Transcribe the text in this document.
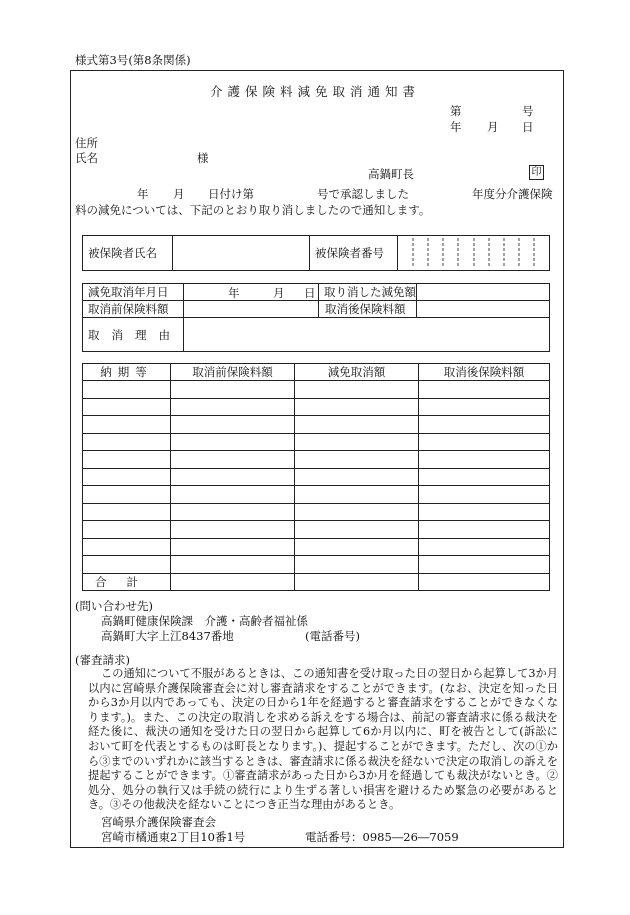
様式第3号(第8条関係)
介護保険料減免取消通知書
第	号
年 月 日
住所
氏名	様
高鍋町長	印
年 月 日付け第	号で承認しました	年度分介護保険
料の減免については、下記のとおり取り消しましたので通知します。
被保険者氏名		被保険者番号	
減免取消年月日	年 月 日	取り消した減免額	
取消前保険料額		取消後保険料額	
取消理由			
納期等	取消前保険料額	減免取消額	取消後保険料額

合計			
(問い合わせ先)
高鍋町健康保険課　介護・高齢者福祉係
高鍋町大字上江8437番地	(電話番号)
(審査請求)
この通知について不服があるときは、この通知書を受け取った日の翌日から起算して3か月以内に宮崎県介護保険審査会に対し審査請求をすることができます。(なお、決定を知った日から3か月以内であっても、決定の日から1年を経過すると審査請求をすることができなくなります。)。また、この決定の取消しを求める訴えをする場合は、前記の審査請求に係る裁決を経た後に、裁決の通知を受けた日の翌日から起算して6か月以内に、町を被告として(訴訟において町を代表とするものは町長となります。)、提起することができます。ただし、次の①から③までのいずれかに該当するときは、審査請求に係る裁決を経ないで決定の取消しの訴えを提起することができます。①審査請求があった日から3か月を経過しても裁決がないとき。②処分、処分の執行又は手続の続行により生ずる著しい損害を避けるため緊急の必要があるとき。③その他裁決を経ないことにつき正当な理由があるとき。
宮崎県介護保険審査会
宮崎市橘通東2丁目10番1号	電話番号：0985―26―7059
